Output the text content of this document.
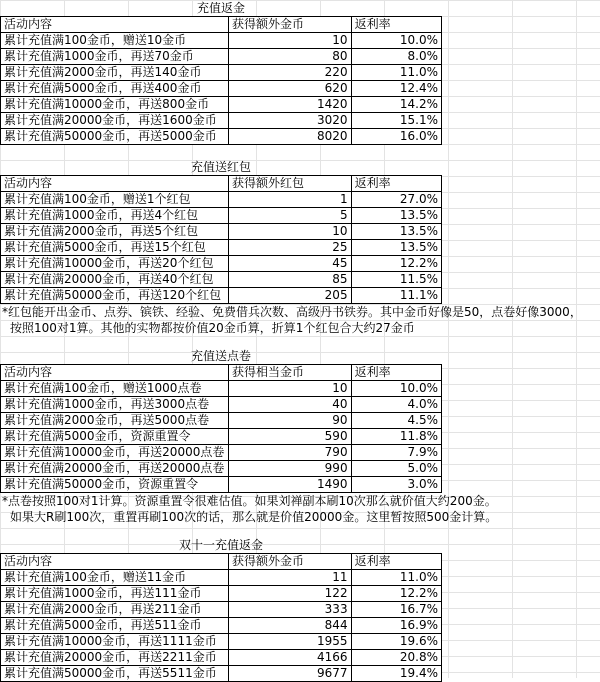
充值返金
活动内容	获得额外金币	返利率
累计充值满100金币，赠送10金币	10	10.0%
累计充值满1000金币，再送70金币	80	8.0%
累计充值满2000金币，再送140金币	220	11.0%
累计充值满5000金币，再送400金币	620	12.4%
累计充值满10000金币，再送800金币	1420	14.2%
累计充值满20000金币，再送1600金币	3020	15.1%
累计充值满50000金币，再送5000金币	8020	16.0%
充值送红包
活动内容	获得额外红包	返利率
累计充值满100金币，赠送1个红包	1	27.0%
累计充值满1000金币，再送4个红包	5	13.5%
累计充值满2000金币，再送5个红包	10	13.5%
累计充值满5000金币，再送15个红包	25	13.5%
累计充值满10000金币，再送20个红包	45	12.2%
累计充值满20000金币，再送40个红包	85	11.5%
累计充值满50000金币，再送120个红包	205	11.1%
*红包能开出金币、点券、镔铁、经验、免费借兵次数、高级丹书铁券。其中金币好像是50，点卷好像3000，
按照100对1算。其他的实物都按价值20金币算，折算1个红包合大约27金币
充值送点卷
活动内容	获得相当金币	返利率
累计充值满100金币，赠送1000点卷	10	10.0%
累计充值满1000金币，再送3000点卷	40	4.0%
累计充值满2000金币，再送5000点卷	90	4.5%
累计充值满5000金币，资源重置令	590	11.8%
累计充值满10000金币，再送20000点卷	790	7.9%
累计充值满20000金币，再送20000点卷	990	5.0%
累计充值满50000金币，资源重置令	1490	3.0%
*点卷按照100对1计算。资源重置令很难估值。如果刘禅副本刷10次那么就价值大约200金。
如果大R刷100次，重置再刷100次的话，那么就是价值20000金。这里暂按照500金计算。
双十一充值返金
活动内容	获得额外金币	返利率
累计充值满100金币，赠送11金币	11	11.0%
累计充值满1000金币，再送111金币	122	12.2%
累计充值满2000金币，再送211金币	333	16.7%
累计充值满5000金币，再送511金币	844	16.9%
累计充值满10000金币，再送1111金币	1955	19.6%
累计充值满20000金币，再送2211金币	4166	20.8%
累计充值满50000金币，再送5511金币	9677	19.4%
